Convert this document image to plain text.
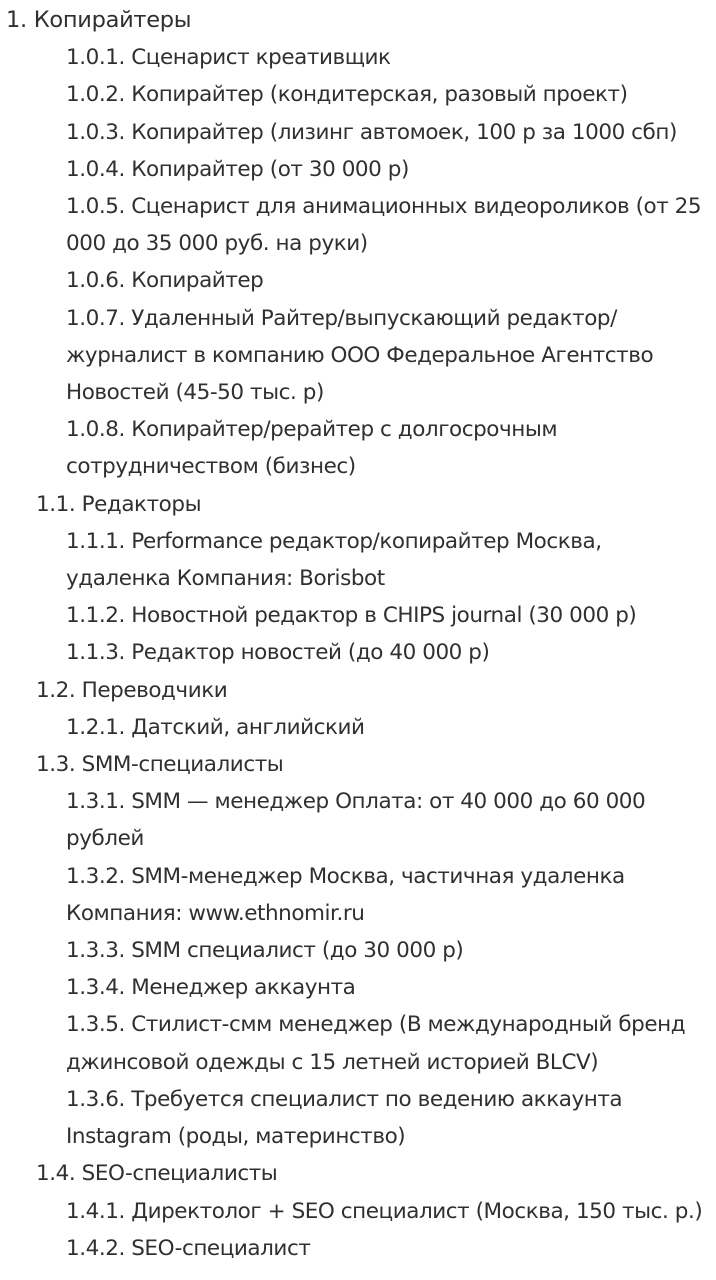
1. Копирайтеры
1.0.1. Сценарист креативщик
1.0.2. Копирайтер (кондитерская, разовый проект)
1.0.3. Копирайтер (лизинг автомоек, 100 р за 1000 сбп)
1.0.4. Копирайтер (от 30 000 р)
1.0.5. Сценарист для анимационных видеороликов (от 25 000 до 35 000 руб. на руки)
1.0.6. Копирайтер
1.0.7. Удаленный Райтер/выпускающий редактор/ журналист в компанию ООО Федеральное Агентство Новостей (45-50 тыс. р)
1.0.8. Копирайтер/рерайтер с долгосрочным сотрудничеством (бизнес)
1.1. Редакторы
1.1.1. Performance редактор/копирайтер Москва, удаленка Компания: Borisbot
1.1.2. Новостной редактор в CHIPS journal (30 000 р)
1.1.3. Редактор новостей (до 40 000 р)
1.2. Переводчики
1.2.1. Датский, английский
1.3. SMM-специалисты
1.3.1. SMM — менеджер Оплата: от 40 000 до 60 000 рублей
1.3.2. SMM-менеджер Москва, частичная удаленка Компания: www.ethnomir.ru
1.3.3. SMM специалист (до 30 000 р)
1.3.4. Менеджер аккаунта
1.3.5. Стилист-смм менеджер (В международный бренд джинсовой одежды с 15 летней историей BLCV)
1.3.6. Требуется специалист по ведению аккаунта Instagram (роды, материнство)
1.4. SEO-специалисты
1.4.1. Директолог + SEO специалист (Москва, 150 тыс. р.)
1.4.2. SEO-специалист
